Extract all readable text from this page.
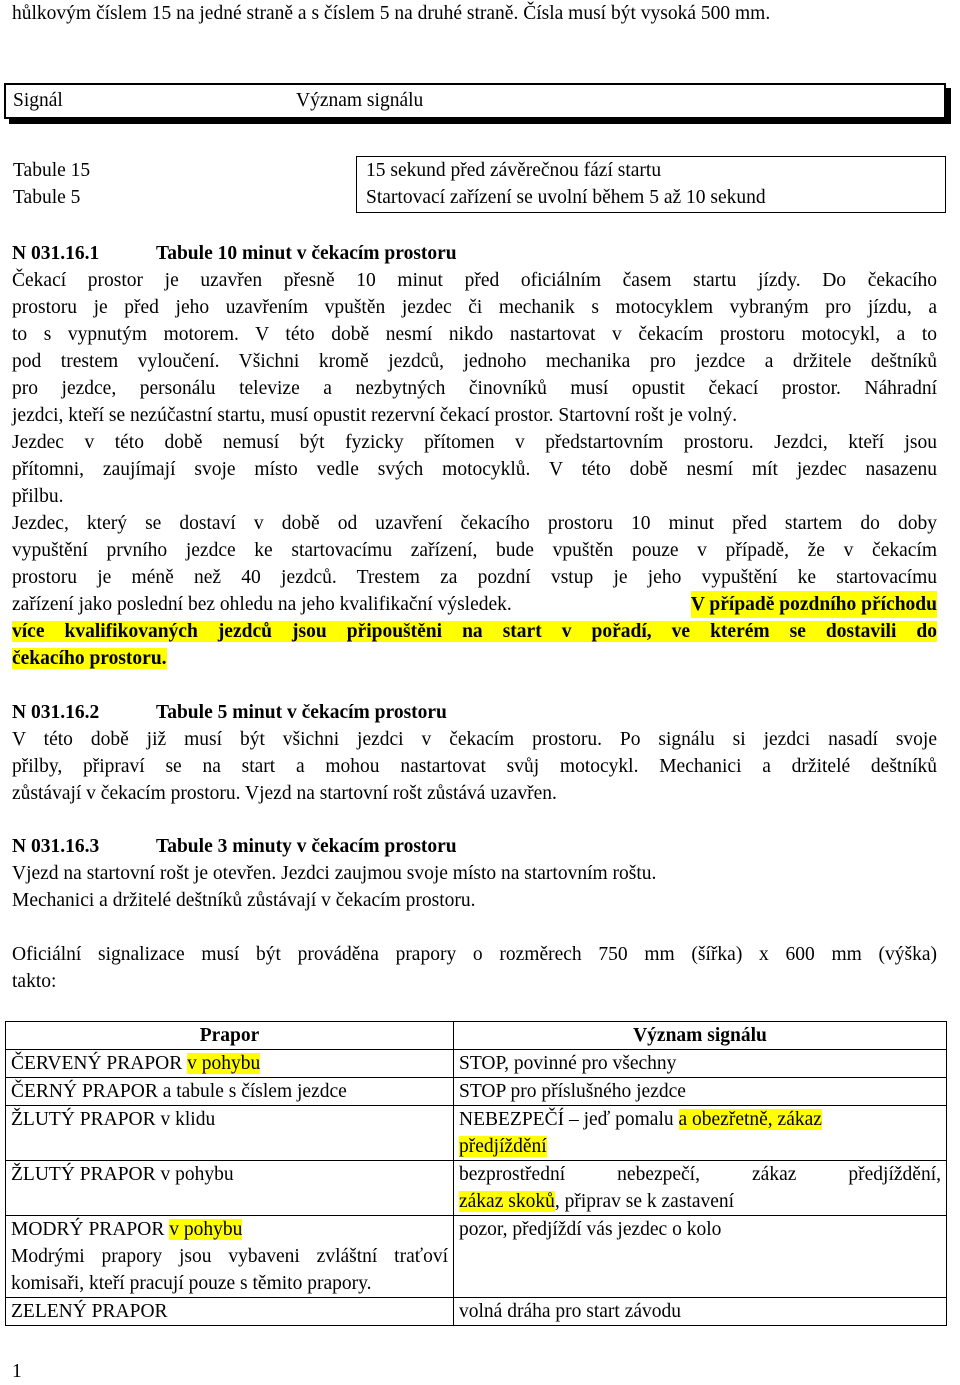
hůlkovým číslem 15 na jedné straně a s číslem 5 na druhé straně. Čísla musí být vysoká 500 mm.
Signál	Význam signálu
Tabule 15	15 sekund před závěrečnou fází startu
Tabule 5	Startovací zařízení se uvolní během 5 až 10 sekund
N 031.16.1	Tabule 10 minut v čekacím prostoru
Čekací prostor je uzavřen přesně 10 minut před oficiálním časem startu jízdy. Do čekacího
prostoru je před jeho uzavřením vpuštěn jezdec či mechanik s motocyklem vybraným pro jízdu, a
to s vypnutým motorem. V této době nesmí nikdo nastartovat v čekacím prostoru motocykl, a to
pod trestem vyloučení. Všichni kromě jezdců, jednoho mechanika pro jezdce a držitele deštníků
pro jezdce, personálu televize a nezbytných činovníků musí opustit čekací prostor. Náhradní
jezdci, kteří se nezúčastní startu, musí opustit rezervní čekací prostor. Startovní rošt je volný.
Jezdec v této době nemusí být fyzicky přítomen v předstartovním prostoru. Jezdci, kteří jsou
přítomni, zaujímají svoje místo vedle svých motocyklů. V této době nesmí mít jezdec nasazenu
přilbu.
Jezdec, který se dostaví v době od uzavření čekacího prostoru 10 minut před startem do doby
vypuštění prvního jezdce ke startovacímu zařízení, bude vpuštěn pouze v případě, že v čekacím
prostoru je méně než 40 jezdců. Trestem za pozdní vstup je jeho vypuštění ke startovacímu
zařízení jako poslední bez ohledu na jeho kvalifikační výsledek.	V případě pozdního příchodu
více kvalifikovaných jezdců jsou připouštěni na start v pořadí, ve kterém se dostavili do
čekacího prostoru.
N 031.16.2	Tabule 5 minut v čekacím prostoru
V této době již musí být všichni jezdci v čekacím prostoru. Po signálu si jezdci nasadí svoje
přilby, připraví se na start a mohou nastartovat svůj motocykl. Mechanici a držitelé deštníků
zůstávají v čekacím prostoru. Vjezd na startovní rošt zůstává uzavřen.
N 031.16.3	Tabule 3 minuty v čekacím prostoru
Vjezd na startovní rošt je otevřen. Jezdci zaujmou svoje místo na startovním roštu.
Mechanici a držitelé deštníků zůstávají v čekacím prostoru.
Oficiální signalizace musí být prováděna prapory o rozměrech 750 mm (šířka) x 600 mm (výška)
takto:
Prapor	Význam signálu
ČERVENÝ PRAPOR v pohybu	STOP, povinné pro všechny
ČERNÝ PRAPOR a tabule s číslem jezdce	STOP pro příslušného jezdce
ŽLUTÝ PRAPOR v klidu	NEBEZPEČÍ – jeď pomalu a obezřetně, zákaz
předjíždění
ŽLUTÝ PRAPOR v pohybu	bezprostřední nebezpečí, zákaz předjíždění,
zákaz skoků, připrav se k zastavení
MODRÝ PRAPOR v pohybu
Modrými prapory jsou vybaveni zvláštní traťoví komisaři, kteří pracují pouze s těmito prapory.	pozor, předjíždí vás jezdec o kolo
ZELENÝ PRAPOR	volná dráha pro start závodu
1
